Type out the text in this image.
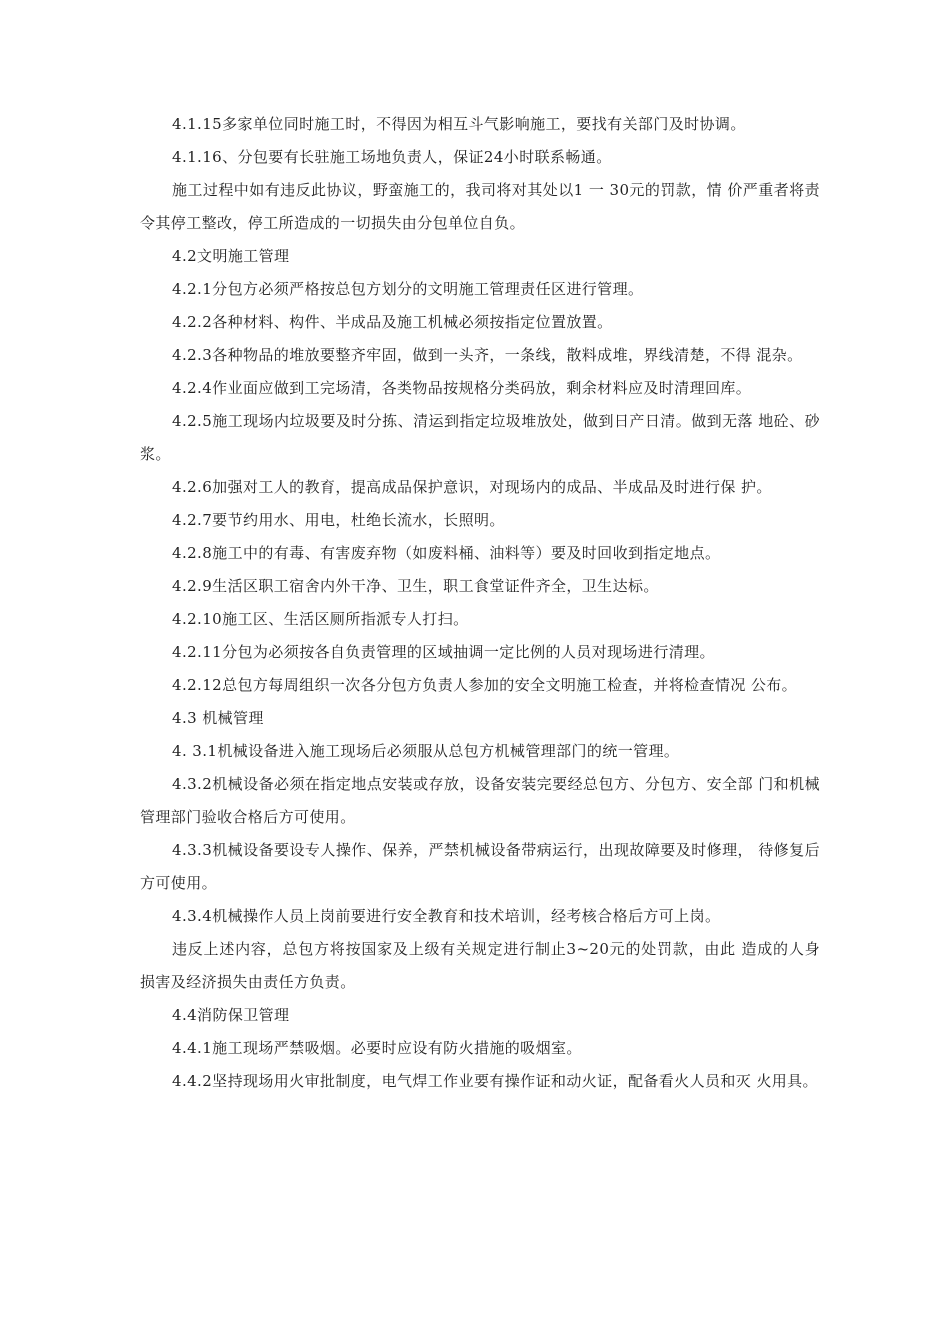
4.1.15多家单位同时施工时，不得因为相互斗气影响施工，要找有关部门及时协调。

4.1.16、分包要有长驻施工场地负责人，保证24小时联系畅通。

施工过程中如有违反此协议，野蛮施工的，我司将对其处以1 一 30元的罚款，情 价严重者将责令其停工整改，停工所造成的一切损失由分包单位自负。

4.2文明施工管理

4.2.1分包方必须严格按总包方划分的文明施工管理责任区进行管理。

4.2.2各种材料、构件、半成品及施工机械必须按指定位置放置。

4.2.3各种物品的堆放要整齐牢固，做到一头齐，一条线，散料成堆，界线清楚，不得 混杂。

4.2.4作业面应做到工完场清，各类物品按规格分类码放，剩余材料应及时清理回库。

4.2.5施工现场内垃圾要及时分拣、清运到指定垃圾堆放处，做到日产日清。做到无落 地砼、砂浆。

4.2.6加强对工人的教育，提高成品保护意识，对现场内的成品、半成品及时进行保 护。

4.2.7要节约用水、用电，杜绝长流水，长照明。

4.2.8施工中的有毒、有害废弃物（如废料桶、油料等）要及时回收到指定地点。

4.2.9生活区职工宿舍内外干净、卫生，职工食堂证件齐全，卫生达标。

4.2.10施工区、生活区厕所指派专人打扫。

4.2.11分包为必须按各自负责管理的区域抽调一定比例的人员对现场进行清理。

4.2.12总包方每周组织一次各分包方负责人参加的安全文明施工检查，并将检查情况 公布。

4.3 机械管理

4. 3.1机械设备进入施工现场后必须服从总包方机械管理部门的统一管理。

4.3.2机械设备必须在指定地点安装或存放，设备安装完要经总包方、分包方、安全部 门和机械管理部门验收合格后方可使用。

4.3.3机械设备要设专人操作、保养，严禁机械设备带病运行，出现故障要及时修理， 待修复后方可使用。

4.3.4机械操作人员上岗前要进行安全教育和技术培训，经考核合格后方可上岗。

违反上述内容，总包方将按国家及上级有关规定进行制止3~20元的处罚款，由此 造成的人身损害及经济损失由责任方负责。

4.4消防保卫管理

4.4.1施工现场严禁吸烟。必要时应设有防火措施的吸烟室。

4.4.2坚持现场用火审批制度，电气焊工作业要有操作证和动火证，配备看火人员和灭 火用具。
